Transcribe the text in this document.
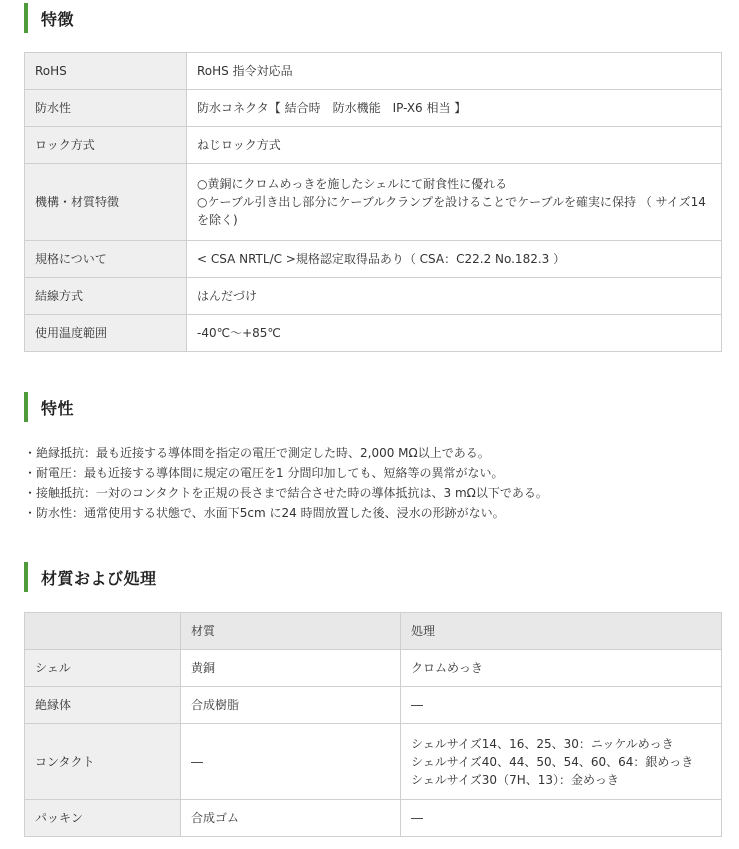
特徴
RoHS	RoHS 指令対応品

防水性	防水コネクタ【 結合時　防水機能　IP-X6 相当 】

ロック方式	ねじロック方式

機構・材質特徴	○黄銅にクロムめっきを施したシェルにて耐食性に優れる
○ケーブル引き出し部分にケーブルクランプを設けることでケーブルを確実に保持 （ サイズ14
を除く)

規格について	< CSA NRTL/C >規格認定取得品あり（ CSA：C22.2 No.182.3 ）

結線方式	はんだづけ

使用温度範囲	-40℃～+85℃
特性
・絶縁抵抗：最も近接する導体間を指定の電圧で測定した時、2,000 MΩ以上である。
・耐電圧：最も近接する導体間に規定の電圧を1 分間印加しても、短絡等の異常がない。
・接触抵抗：一対のコンタクトを正規の長さまで結合させた時の導体抵抗は、3 mΩ以下である。
・防水性：通常使用する状態で、水面下5cm に24 時間放置した後、浸水の形跡がない。
材質および処理
	材質	処理
シェル	黄銅	クロムめっき

絶縁体	合成樹脂	―

コンタクト	―	シェルサイズ14、16、25、30：ニッケルめっき
シェルサイズ40、44、50、54、60、64：銀めっき
シェルサイズ30（7H、13）：金めっき

パッキン	合成ゴム	―
